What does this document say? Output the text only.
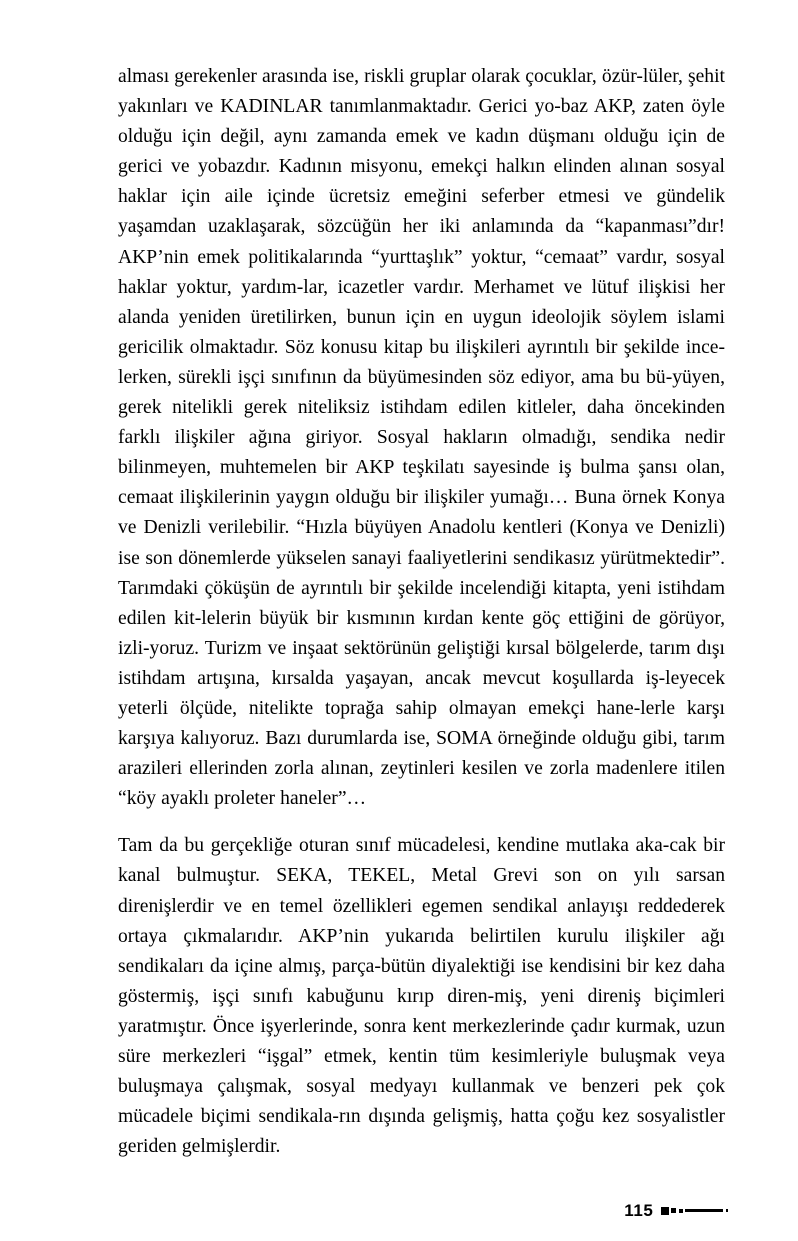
alması gerekenler arasında ise, riskli gruplar olarak çocuklar, özür-lüler, şehit yakınları ve KADINLAR tanımlanmaktadır. Gerici yo-baz AKP, zaten öyle olduğu için değil, aynı zamanda emek ve kadın düşmanı olduğu için de gerici ve yobazdır. Kadının misyonu, emekçi halkın elinden alınan sosyal haklar için aile içinde ücretsiz emeğini seferber etmesi ve gündelik yaşamdan uzaklaşarak, sözcüğün her iki anlamında da “kapanması”dır! AKP’nin emek politikalarında “yurttaşlık” yoktur, “cemaat” vardır, sosyal haklar yoktur, yardım-lar, icazetler vardır. Merhamet ve lütuf ilişkisi her alanda yeniden üretilirken, bunun için en uygun ideolojik söylem islami gericilik olmaktadır. Söz konusu kitap bu ilişkileri ayrıntılı bir şekilde ince-lerken, sürekli işçi sınıfının da büyümesinden söz ediyor, ama bu bü-yüyen, gerek nitelikli gerek niteliksiz istihdam edilen kitleler, daha öncekinden farklı ilişkiler ağına giriyor. Sosyal hakların olmadığı, sendika nedir bilinmeyen, muhtemelen bir AKP teşkilatı sayesinde iş bulma şansı olan, cemaat ilişkilerinin yaygın olduğu bir ilişkiler yumağı… Buna örnek Konya ve Denizli verilebilir. “Hızla büyüyen Anadolu kentleri (Konya ve Denizli) ise son dönemlerde yükselen sanayi faaliyetlerini sendikasız yürütmektedir”. Tarımdaki çöküşün de ayrıntılı bir şekilde incelendiği kitapta, yeni istihdam edilen kit-lelerin büyük bir kısmının kırdan kente göç ettiğini de görüyor, izli-yoruz. Turizm ve inşaat sektörünün geliştiği kırsal bölgelerde, tarım dışı istihdam artışına, kırsalda yaşayan, ancak mevcut koşullarda iş-leyecek yeterli ölçüde, nitelikte toprağa sahip olmayan emekçi hane-lerle karşı karşıya kalıyoruz. Bazı durumlarda ise, SOMA örneğinde olduğu gibi, tarım arazileri ellerinden zorla alınan, zeytinleri kesilen ve zorla madenlere itilen “köy ayaklı proleter haneler”…

Tam da bu gerçekliğe oturan sınıf mücadelesi, kendine mutlaka aka-cak bir kanal bulmuştur. SEKA, TEKEL, Metal Grevi son on yılı sarsan direnişlerdir ve en temel özellikleri egemen sendikal anlayışı reddederek ortaya çıkmalarıdır. AKP’nin yukarıda belirtilen kurulu ilişkiler ağı sendikaları da içine almış, parça-bütün diyalektiği ise kendisini bir kez daha göstermiş, işçi sınıfı kabuğunu kırıp diren-miş, yeni direniş biçimleri yaratmıştır. Önce işyerlerinde, sonra kent merkezlerinde çadır kurmak, uzun süre merkezleri “işgal” etmek, kentin tüm kesimleriyle buluşmak veya buluşmaya çalışmak, sosyal medyayı kullanmak ve benzeri pek çok mücadele biçimi sendikala-rın dışında gelişmiş, hatta çoğu kez sosyalistler geriden gelmişlerdir.

115
